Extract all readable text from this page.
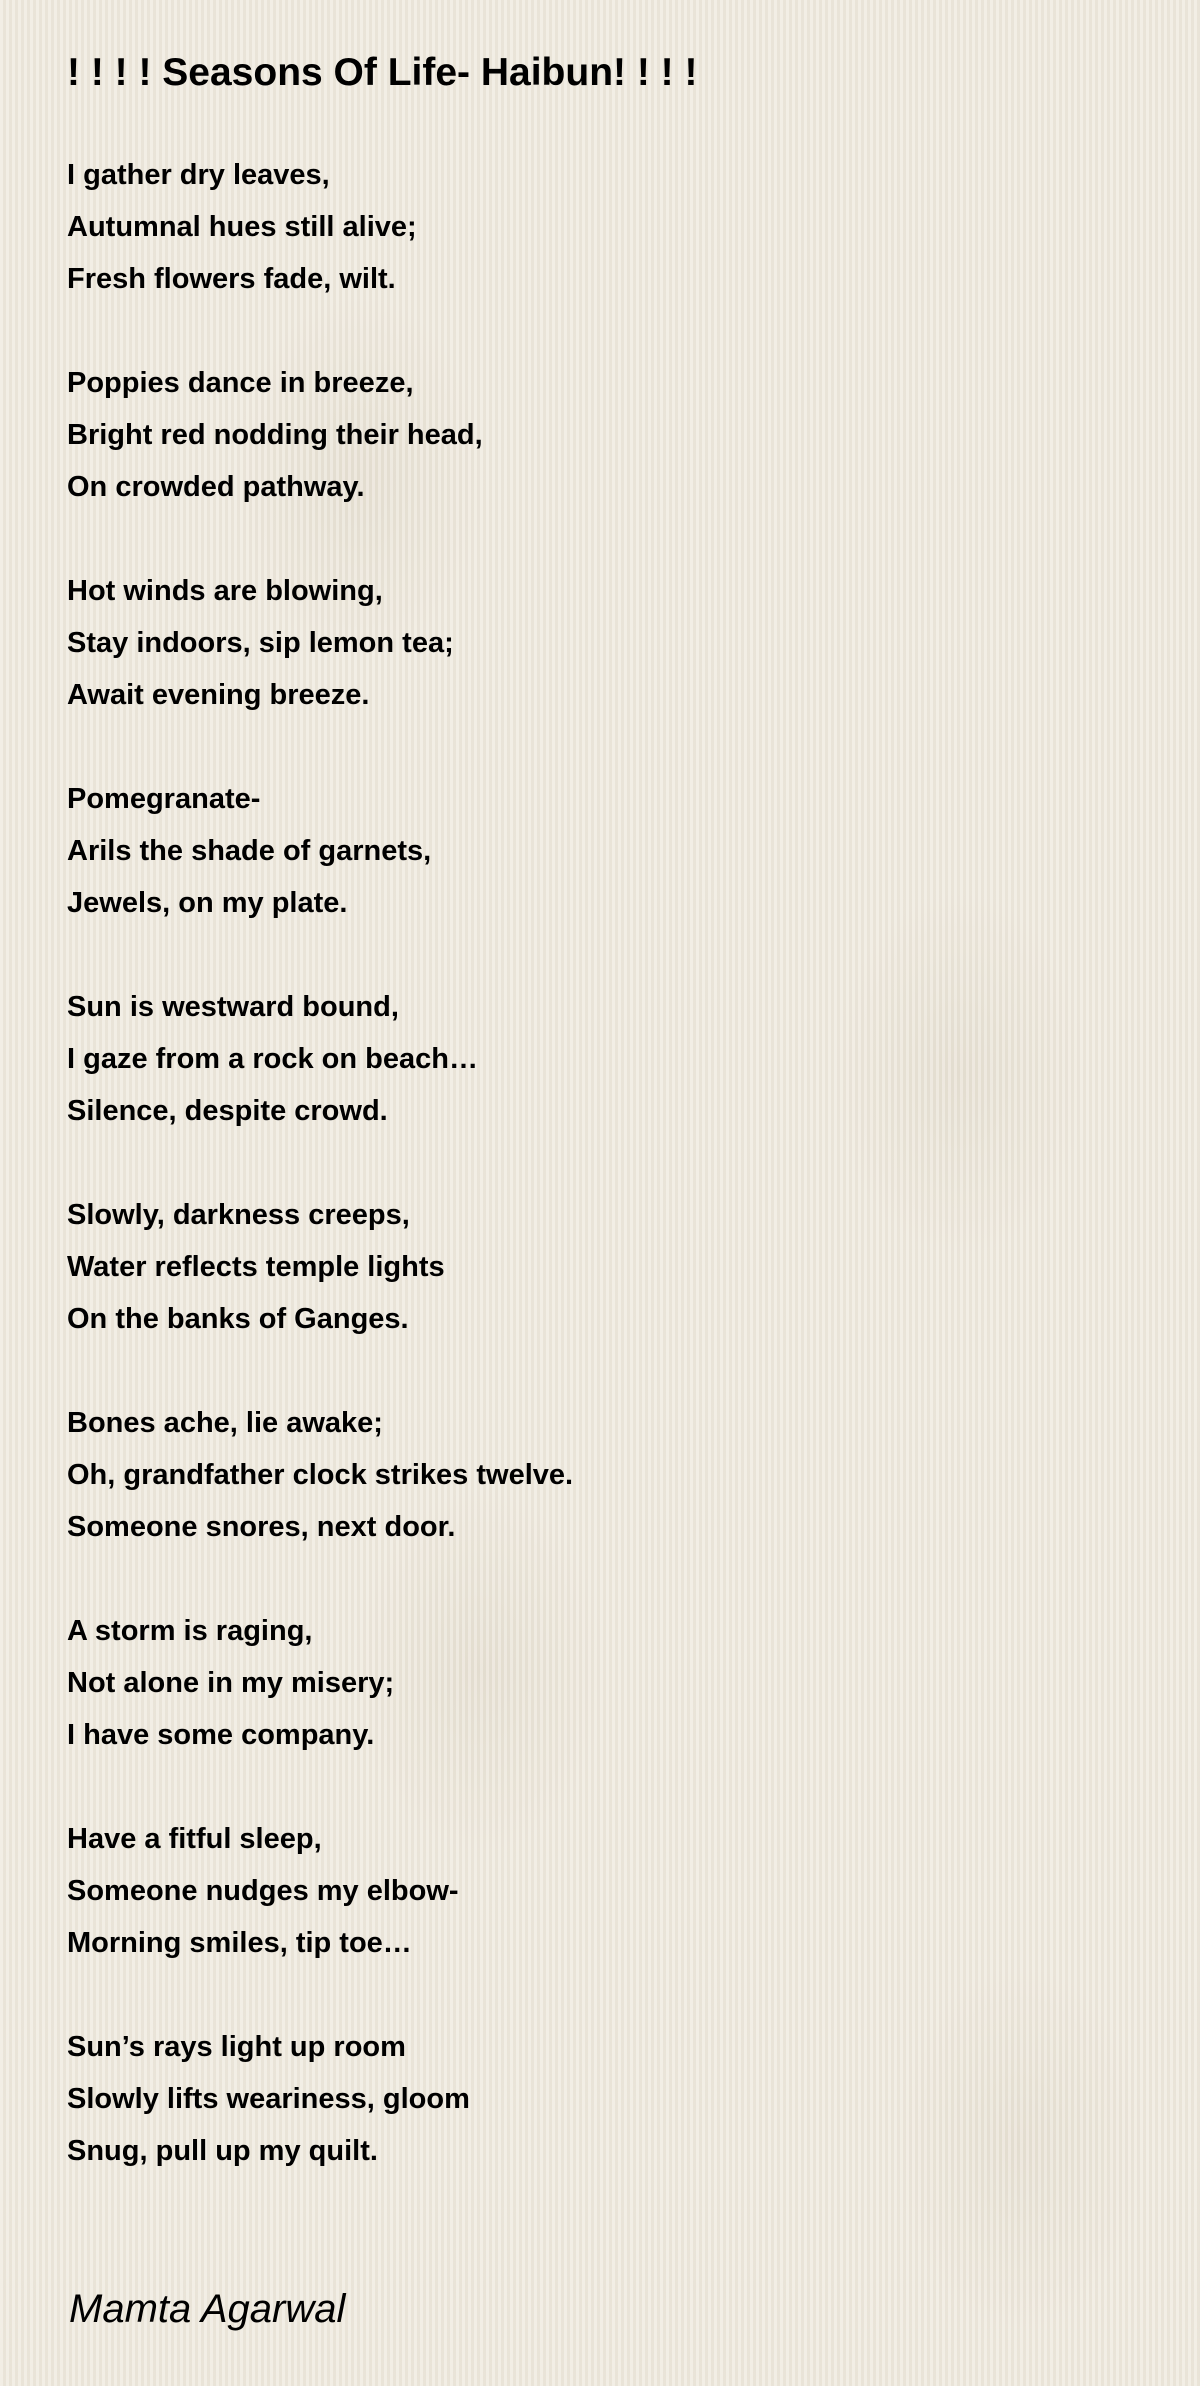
! ! ! ! Seasons Of Life- Haibun! ! ! !
I gather dry leaves,
Autumnal hues still alive;
Fresh flowers fade, wilt.
Poppies dance in breeze,
Bright red nodding their head,
On crowded pathway.
Hot winds are blowing,
Stay indoors, sip lemon tea;
Await evening breeze.
Pomegranate-
Arils the shade of garnets,
Jewels, on my plate.
Sun is westward bound,
I gaze from a rock on beach…
Silence, despite crowd.
Slowly, darkness creeps,
Water reflects temple lights
On the banks of Ganges.
Bones ache, lie awake;
Oh, grandfather clock strikes twelve.
Someone snores, next door.
A storm is raging,
Not alone in my misery;
I have some company.
Have a fitful sleep,
Someone nudges my elbow-
Morning smiles, tip toe…
Sun’s rays light up room
Slowly lifts weariness, gloom
Snug, pull up my quilt.
Mamta Agarwal
